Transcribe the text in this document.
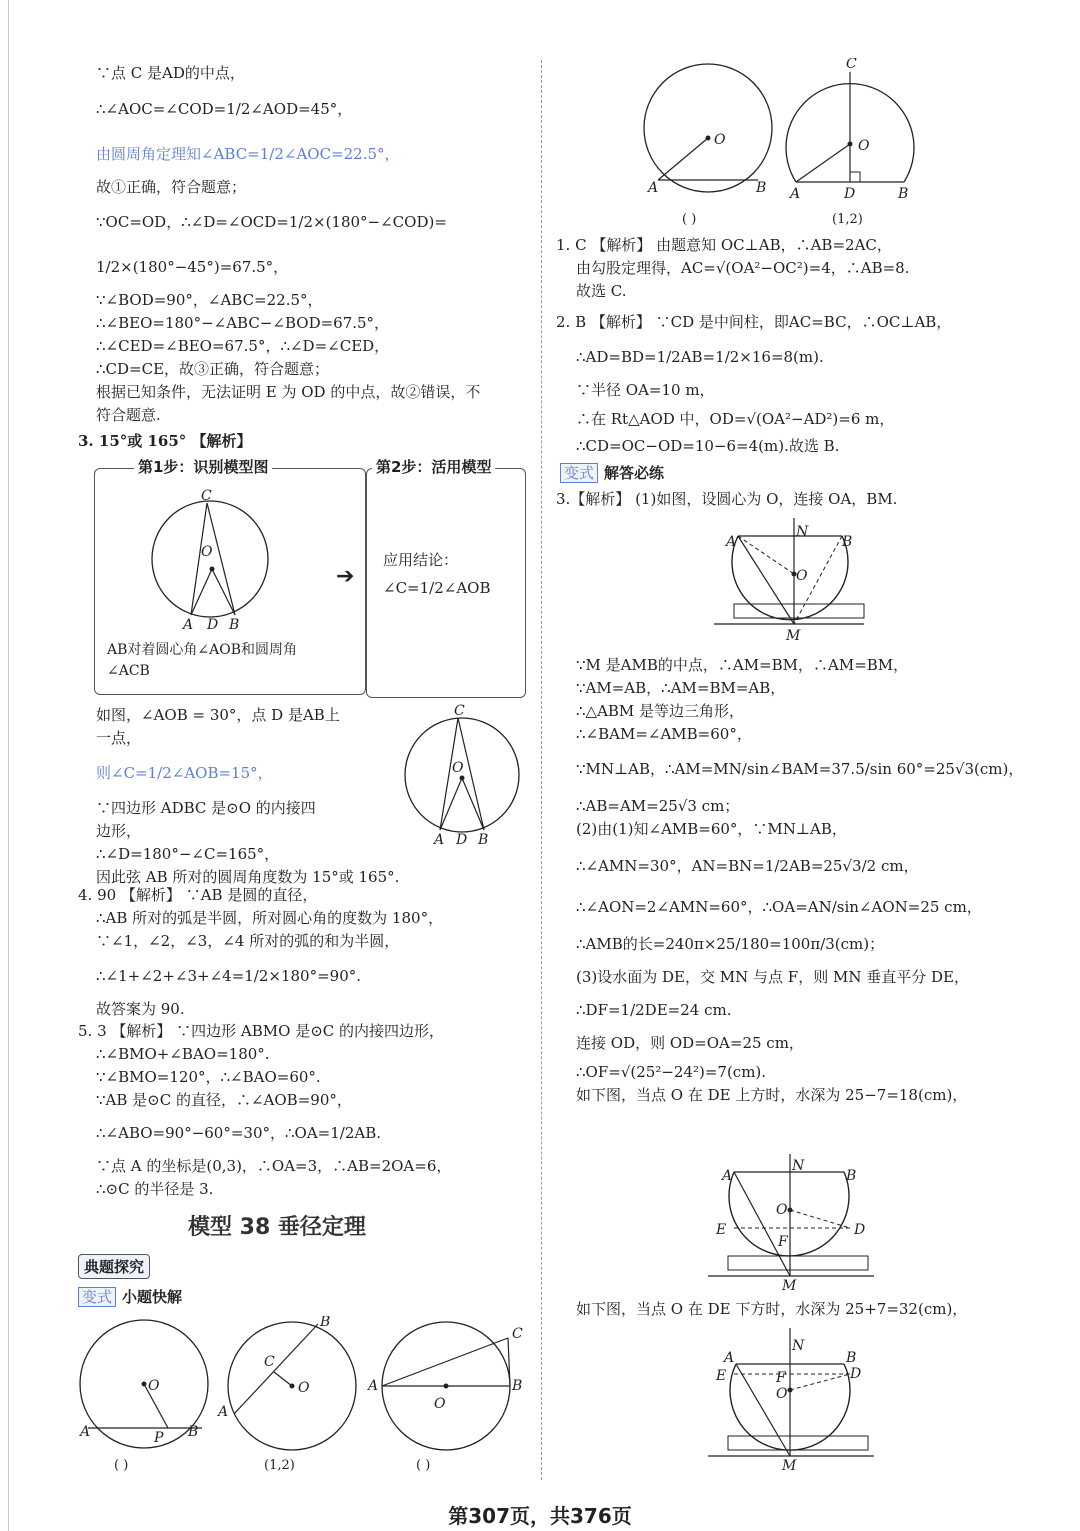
∵点 C 是AD的中点，

∴∠AOC=∠COD=1/2∠AOD=45°，

由圆周角定理知∠ABC=1/2∠AOC=22.5°，

故①正确，符合题意；

∵OC=OD，∴∠D=∠OCD=1/2×(180°−∠COD)=

1/2×(180°−45°)=67.5°，

∵∠BOD=90°，∠ABC=22.5°，

∴∠BEO=180°−∠ABC−∠BOD=67.5°，

∴∠CED=∠BEO=67.5°，∴∠D=∠CED，

∴CD=CE，故③正确，符合题意；

根据已知条件，无法证明 E 为 OD 的中点，故②错误，不

符合题意.

3. 15°或 165° 【解析】

C
O
A D B
AB对着圆心角∠AOB和圆周角
∠ACB
第1步：识别模型图
➔
应用结论：
∠C=1/2∠AOB
第2步：活用模型

如图，∠AOB = 30°，点 D 是AB上

一点，

则∠C=1/2∠AOB=15°，

∵四边形 ADBC 是⊙O 的内接四

边形，

∴∠D=180°−∠C=165°，

因此弦 AB 所对的圆周角度数为 15°或 165°.

C
O
A D B

4. 90 【解析】 ∵AB 是圆的直径，

∴AB 所对的弧是半圆，所对圆心角的度数为 180°，

∵∠1，∠2，∠3，∠4 所对的弧的和为半圆，

∴∠1+∠2+∠3+∠4=1/2×180°=90°.

故答案为 90.

5. 3 【解析】 ∵四边形 ABMO 是⊙C 的内接四边形，

∴∠BMO+∠BAO=180°.

∵∠BMO=120°，∴∠BAO=60°.

∵AB 是⊙C 的直径，∴∠AOB=90°，

∴∠ABO=90°−60°=30°，∴OA=1/2AB.

∵点 A 的坐标是(0,3)，∴OA=3，∴AB=2OA=6，

∴⊙C 的半径是 3.

模型 38 垂径定理
典题探究
变式 小题快解
O
A	P B
O
A
B
C
O
A	B
C
( )	(1,2)	( )
O
A	B
C
O
A	D	B
( )	(1,2)

1. C 【解析】 由题意知 OC⊥AB，∴AB=2AC，

由勾股定理得，AC=√(OA²−OC²)=4，∴AB=8.

故选 C.

2. B 【解析】 ∵CD 是中间柱，即AC=BC，∴OC⊥AB，

∴AD=BD=1/2AB=1/2×16=8(m).

∵半径 OA=10 m，

∴在 Rt△AOD 中，OD=√(OA²−AD²)=6 m，

∴CD=OC−OD=10−6=4(m).故选 B.

变式 解答必练

3.【解析】 (1)如图，设圆心为 O，连接 OA，BM.

A
N
B
O
M

∵M 是AMB的中点，∴AM=BM，∴AM=BM，

∵AM=AB，∴AM=BM=AB，

∴△ABM 是等边三角形，

∴∠BAM=∠AMB=60°，

∵MN⊥AB，∴AM=MN/sin∠BAM=37.5/sin 60°=25√3(cm)，

∴AB=AM=25√3 cm；

(2)由(1)知∠AMB=60°，∵MN⊥AB，

∴∠AMN=30°，AN=BN=1/2AB=25√3/2 cm，

∴∠AON=2∠AMN=60°，∴OA=AN/sin∠AON=25 cm，

∴AMB的长=240π×25/180=100π/3(cm)；

(3)设水面为 DE，交 MN 与点 F，则 MN 垂直平分 DE，

∴DF=1/2DE=24 cm.

连接 OD，则 OD=OA=25 cm，

∴OF=√(25²−24²)=7(cm).

如下图，当点 O 在 DE 上方时，水深为 25−7=18(cm)，

A
N
B
O
E	D
F
M

如下图，当点 O 在 DE 下方时，水深为 25+7=32(cm)，

A
N
B
D
E	F
O
M
第307页，共376页
